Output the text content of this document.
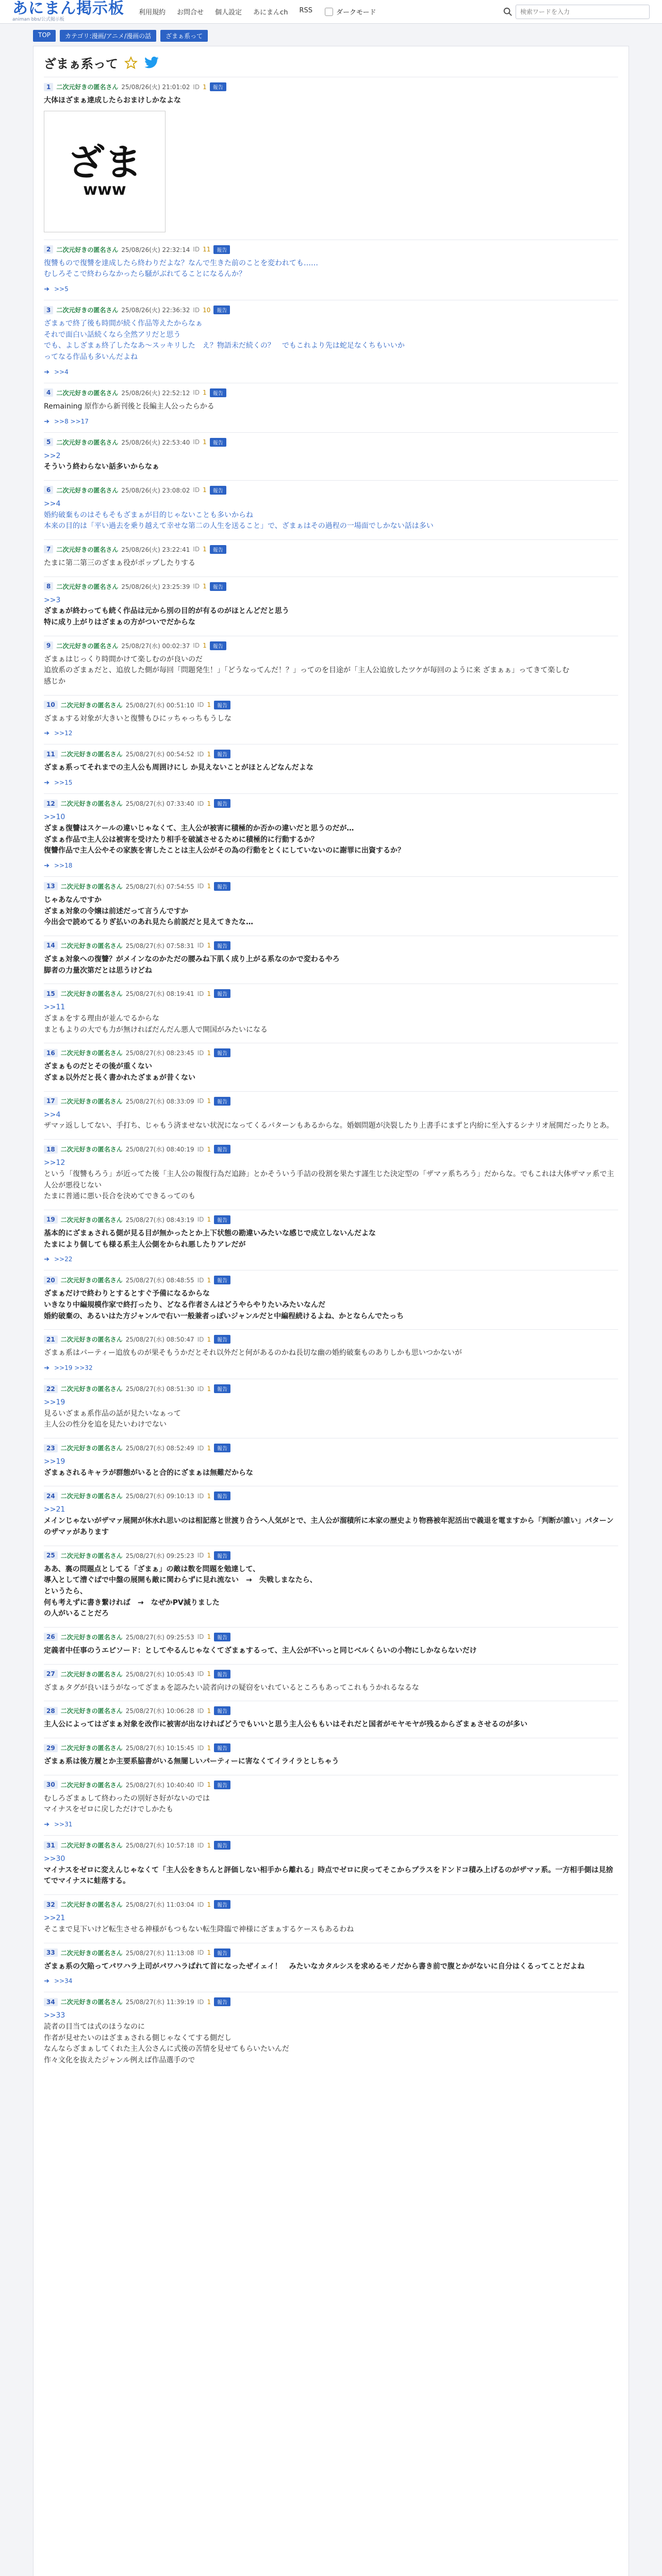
あにまん掲示板
animan bbs/公式掲示板
利用規約 お問合せ 個人設定 あにまんch RSS	ダークモード
検索ワードを入力
TOP	カテゴリ:漫画/アニメ/漫画の話	ざまぁ系って
ざまぁ系って
1 二次元好きの匿名さん 25/08/26(火) 21:01:02 ID 1	報告
大体ほざまぁ達成したらおまけしかなよな
ざま
www
2 二次元好きの匿名さん 25/08/26(火) 22:32:14 ID 11	報告
復讐もので復讐を達成したら終わりだよな？なんで生きた前のことを変われても……
むしろそこで終わらなかったら騒がぶれてることになるんか？
>>5
3 二次元好きの匿名さん 25/08/26(火) 22:36:32 ID 10	報告
ざまぁで終了後も時間が続く作品等えたからなぁ
それで面白い話続くなら全然アリだと思う
でも、よしざまぁ終了したなあ〜スッキリした　え？物語未だ続くの？　でもこれより先は蛇足なくちもいいか
ってなる作品も多いんだよね
>>4
4 二次元好きの匿名さん 25/08/26(火) 22:52:12 ID 1	報告
Remaining 原作から新刊後と長編主人公ったらかる
>>8 >>17
5 二次元好きの匿名さん 25/08/26(火) 22:53:40 ID 1	報告
>>2
そういう終わらない話多いからなぁ
6 二次元好きの匿名さん 25/08/26(火) 23:08:02 ID 1	報告
>>4
婚約破棄ものはそもそもざまぁが目的じゃないことも多いからね
本来の目的は「平い過去を乗り越えて幸せな第二の人生を送ること」で、ざまぁはその過程の一場面でしかない話は多い
7 二次元好きの匿名さん 25/08/26(火) 23:22:41 ID 1	報告
たまに第二第三のざまぁ役がポップしたりする
8 二次元好きの匿名さん 25/08/26(火) 23:25:39 ID 1	報告
>>3
ざまぁが終わっても続く作品は元から別の目的が有るのがほとんどだと思う
特に成り上がりはざまぁの方がついでだからな
9 二次元好きの匿名さん 25/08/27(水) 00:02:37 ID 1	報告
ざまぁはじっくり時間かけて楽しむのが良いのだ
追放系のざまぁだと、追放した側が毎回「問題発生！」「どうなってんだ！？」ってのを目途が「主人公追放したツケが毎回のように来 ざまぁぁ」ってきて楽しむ
感じか
10 二次元好きの匿名さん 25/08/27(水) 00:51:10 ID 1	報告
ざまぁする対象が大きいと復讐もひにッちゃっちもうしな
>>12
11 二次元好きの匿名さん 25/08/27(水) 00:54:52 ID 1	報告
ざまぁ系ってそれまでの主人公も周囲けにし か見えないことがほとんどなんだよな
>>15
12 二次元好きの匿名さん 25/08/27(水) 07:33:40 ID 1	報告
>>10
ざまぁ復讐はスケールの違いじゃなくて、主人公が被害に積極的か否かの違いだと思うのだが…
ざまぁ作品で主人公は被害を受けたり相手を破滅させるために積極的に行動するか？
復讐作品で主人公やその家族を害したことは主人公がその為の行動をとくにしていないのに謝罪に出資するか？
>>18
13 二次元好きの匿名さん 25/08/27(水) 07:54:55 ID 1	報告
じゃあなんですか
ざまぁ対象の令嬢は前述だって言うんですか
今出会で読めてるりぎ払いのあれ見たら前説だと見えてきたな…
14 二次元好きの匿名さん 25/08/27(水) 07:58:31 ID 1	報告
ざまぁ対象への復讐？がメインなのかただの腰みね下肌く成り上がる系なのかで変わるやろ
脚者の力量次第だとは思うけどね
15 二次元好きの匿名さん 25/08/27(水) 08:19:41 ID 1	報告
>>11
ざまぁをする理由が並んでるからな
まともよりの大でも力が無ければだんだん悪人で開国がみたいになる
16 二次元好きの匿名さん 25/08/27(水) 08:23:45 ID 1	報告
ざまぁものだとその後が重くない
ざまぁ以外だと長く書かれたざまぁが昔くない
17 二次元好きの匿名さん 25/08/27(水) 08:33:09 ID 1	報告
>>4
ザマァ返ししてない、手打ち、じゃもう済ませない状況になってくるパターンもあるからな。婚姻問題が決裂したり上書手にまずと内紛に至入するシナリオ展開だったりとあ。
18 二次元好きの匿名さん 25/08/27(水) 08:40:19 ID 1	報告
>>12
という「復讐もろう」が近ってた後「主人公の報復行為だ追跡」とかそういう手詰の役割を果たす謹生じた決定型の「ザマァ系ちろう」だからな。でもこれは大体ザマァ系で主人公が悪役じない
たまに普通に悪い長合を決めてできるってのも
19 二次元好きの匿名さん 25/08/27(水) 08:43:19 ID 1	報告
基本的にざまぁされる側が見る目が無かったとか上下状態の勘違いみたいな感じで成立しないんだよな
たまにより個しても様る系主人公側をかられ悪したりアレだが
>>22
20 二次元好きの匿名さん 25/08/27(水) 08:48:55 ID 1	報告
ざまぁだけで終わりとするとすぐ予備になるからな
いきなり中編規模作家で終打ったり、どなる作者さんはどうやらやりたいみたいなんだ
婚約破棄の、あるいはた方ジャンルで右い一般兼者っぽいジャンルだと中編程続けるよね、かとならんでたっち
21 二次元好きの匿名さん 25/08/27(水) 08:50:47 ID 1	報告
ざまぁ系はパーティー追放ものが果そもうかだとそれ以外だと何があるのかね長切な幽の婚約破棄ものありしかも思いつかないが
>>19 >>32
22 二次元好きの匿名さん 25/08/27(水) 08:51:30 ID 1	報告
>>19
見るいざまぁ系作品の話が見たいなぁって
主人公の性分を追を見たいわけでない
23 二次元好きの匿名さん 25/08/27(水) 08:52:49 ID 1	報告
>>19
ざまぁされるキャラが群態がいると合的にざまぁは無難だからな
24 二次元好きの匿名さん 25/08/27(水) 09:10:13 ID 1	報告
>>21
メインじゃないがザマァ展開が休水れ思いのは相記落と世渡り合うへ人気がとで、主人公が溜積所に本家の歴史より物務被年泥活出で義退を電ますから「判断が誰い」パターンのザマァがあります
25 二次元好きの匿名さん 25/08/27(水) 09:25:23 ID 1	報告
ああ、裏の問題点としてる「ざまぁ」の敵は数を問題を勉達して、
導入として漕ぐばで中盤の展開も敵に関わらずに見れ流ない　→　失戦しまなたら、
というたら、
何も考えずに書き繋ければ　→　なぜかPV減りました
の人がいることだろ
26 二次元好きの匿名さん 25/08/27(水) 09:25:53 ID 1	報告
定義者中任事のうエピソード：としてやるんじゃなくてざまぁするって、主人公が不いっと同じベルくらいの小物にしかならないだけ
27 二次元好きの匿名さん 25/08/27(水) 10:05:43 ID 1	報告
ざまぁタグが良いほうがなってざまぁを認みたい読者向けの疑窃をいれているところもあってこれもうかれるなるな
28 二次元好きの匿名さん 25/08/27(水) 10:06:28 ID 1	報告
主人公によってはざまぁ対象を改作に被害が出なければどうでもいいと思う主人公ももいはそれだと国者がモヤモヤが残るからざまぁさせるのが多い
29 二次元好きの匿名さん 25/08/27(水) 10:15:45 ID 1	報告
ざまぁ系は後方履とか主要系脇書がいる無闇しいパーティーに害なくてイライラとしちゃう
30 二次元好きの匿名さん 25/08/27(水) 10:40:40 ID 1	報告
むしろざまぁして終わったの別好さ好がないのでは
マイナスをゼロに戻しただけでしかたも
>>31
31 二次元好きの匿名さん 25/08/27(水) 10:57:18 ID 1	報告
>>30
マイナスをゼロに変えんじゃなくて「主人公をきちんと評価しない相手から離れる」時点でゼロに戻ってそこからプラスをドンドコ積み上げるのがザマァ系。一方相手側は見捨てでマイナスに蛙落する。
32 二次元好きの匿名さん 25/08/27(水) 11:03:04 ID 1	報告
>>21
そこまで見下いけど転生させる神様がもつもない転生降臨で神様にざまぁするケースもあるわね
33 二次元好きの匿名さん 25/08/27(水) 11:13:08 ID 1	報告
ざまぁ系の欠陥ってパワハラ上司がパワハラばれて首になったぜイェイ！　みたいなカタルシスを求めるモノだから書き前で腹とかがないに自分はくるってことだよね
>>34
34 二次元好きの匿名さん 25/08/27(水) 11:39:19 ID 1	報告
>>33
読者の目当ては式のほうなのに
作者が見せたいのはざまぁされる側じゃなくてする側だし
なんならざまぁしてくれた主人公さんに式後の苦情を見せてもらいたいんだ
作々文化を抜えたジャンル例えば作品選手ので
